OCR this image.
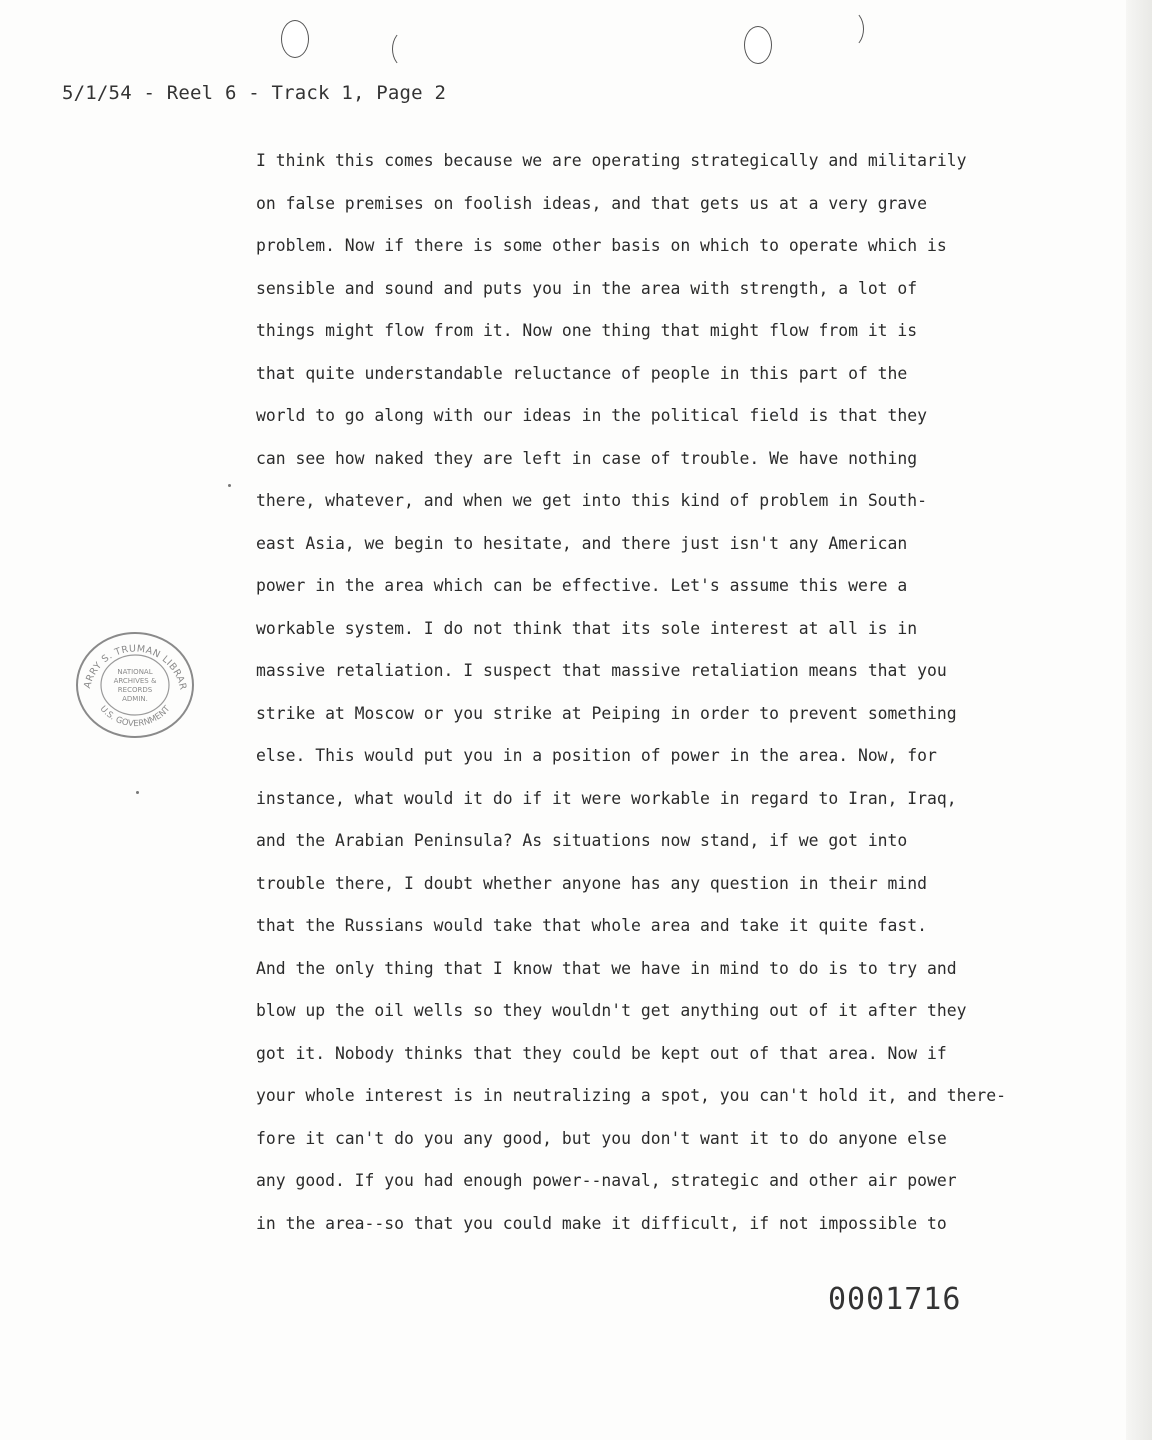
5/1/54 - Reel 6 - Track 1, Page 2
I think this comes because we are operating strategically and militarily
on false premises on foolish ideas, and that gets us at a very grave
problem. Now if there is some other basis on which to operate which is
sensible and sound and puts you in the area with strength, a lot of
things might flow from it. Now one thing that might flow from it is
that quite understandable reluctance of people in this part of the
world to go along with our ideas in the political field is that they
can see how naked they are left in case of trouble. We have nothing
there, whatever, and when we get into this kind of problem in South-
east Asia, we begin to hesitate, and there just isn't any American
power in the area which can be effective. Let's assume this were a
workable system. I do not think that its sole interest at all is in
massive retaliation. I suspect that massive retaliation means that you
strike at Moscow or you strike at Peiping in order to prevent something
else. This would put you in a position of power in the area. Now, for
instance, what would it do if it were workable in regard to Iran, Iraq,
and the Arabian Peninsula? As situations now stand, if we got into
trouble there, I doubt whether anyone has any question in their mind
that the Russians would take that whole area and take it quite fast.
And the only thing that I know that we have in mind to do is to try and
blow up the oil wells so they wouldn't get anything out of it after they
got it. Nobody thinks that they could be kept out of that area. Now if
your whole interest is in neutralizing a spot, you can't hold it, and there-
fore it can't do you any good, but you don't want it to do anyone else
any good. If you had enough power--naval, strategic and other air power
in the area--so that you could make it difficult, if not impossible to
ARRY S. TRUMAN LIBRAR
U.S. GOVERNMENT
NATIONAL
ARCHIVES &
RECORDS
ADMIN.
0001716
